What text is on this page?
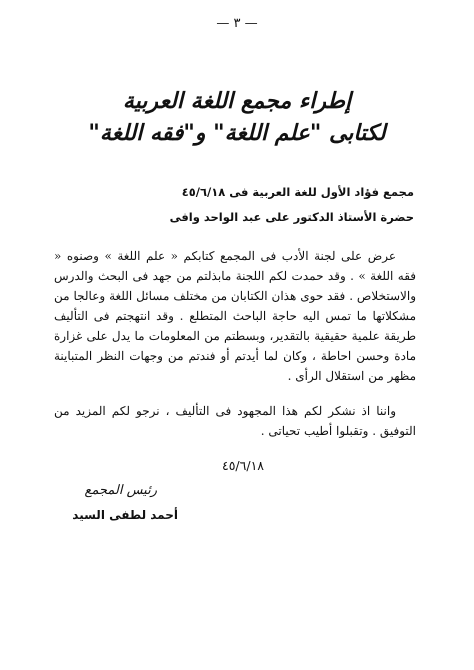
— ٣ —
إطراء مجمع اللغة العربية
لكتابى "علم اللغة" و"فقه اللغة"
مجمع فؤاد الأول للغة العربية فى ٤٥/٦/١٨
حضرة الأستاذ الدكتور على عبد الواحد وافى

عرض على لجنة الأدب فى المجمع كتابكم « علم اللغة » وصنوه « فقه اللغة » . وقد حمدت لكم اللجنة مابذلتم من جهد فى البحث والدرس والاستخلاص . فقد حوى هذان الكتابان من مختلف مسائل اللغة وعالجا من مشكلاتها ما تمس اليه حاجة الباحث المتطلع . وقد انتهجتم فى التأليف طريقة علمية حقيقية بالتقدير، وبسطتم من المعلومات ما يدل على غزارة مادة وحسن احاطة ، وكان لما أيدتم أو فندتم من وجهات النظر المتباينة مظهر من استقلال الرأى .

واننا اذ نشكر لكم هذا المجهود فى التأليف ، نرجو لكم المزيد من التوفيق . وتقبلوا أطيب تحياتى .

٤٥/٦/١٨
رئيس المجمع
أحمد لطفى السيد
